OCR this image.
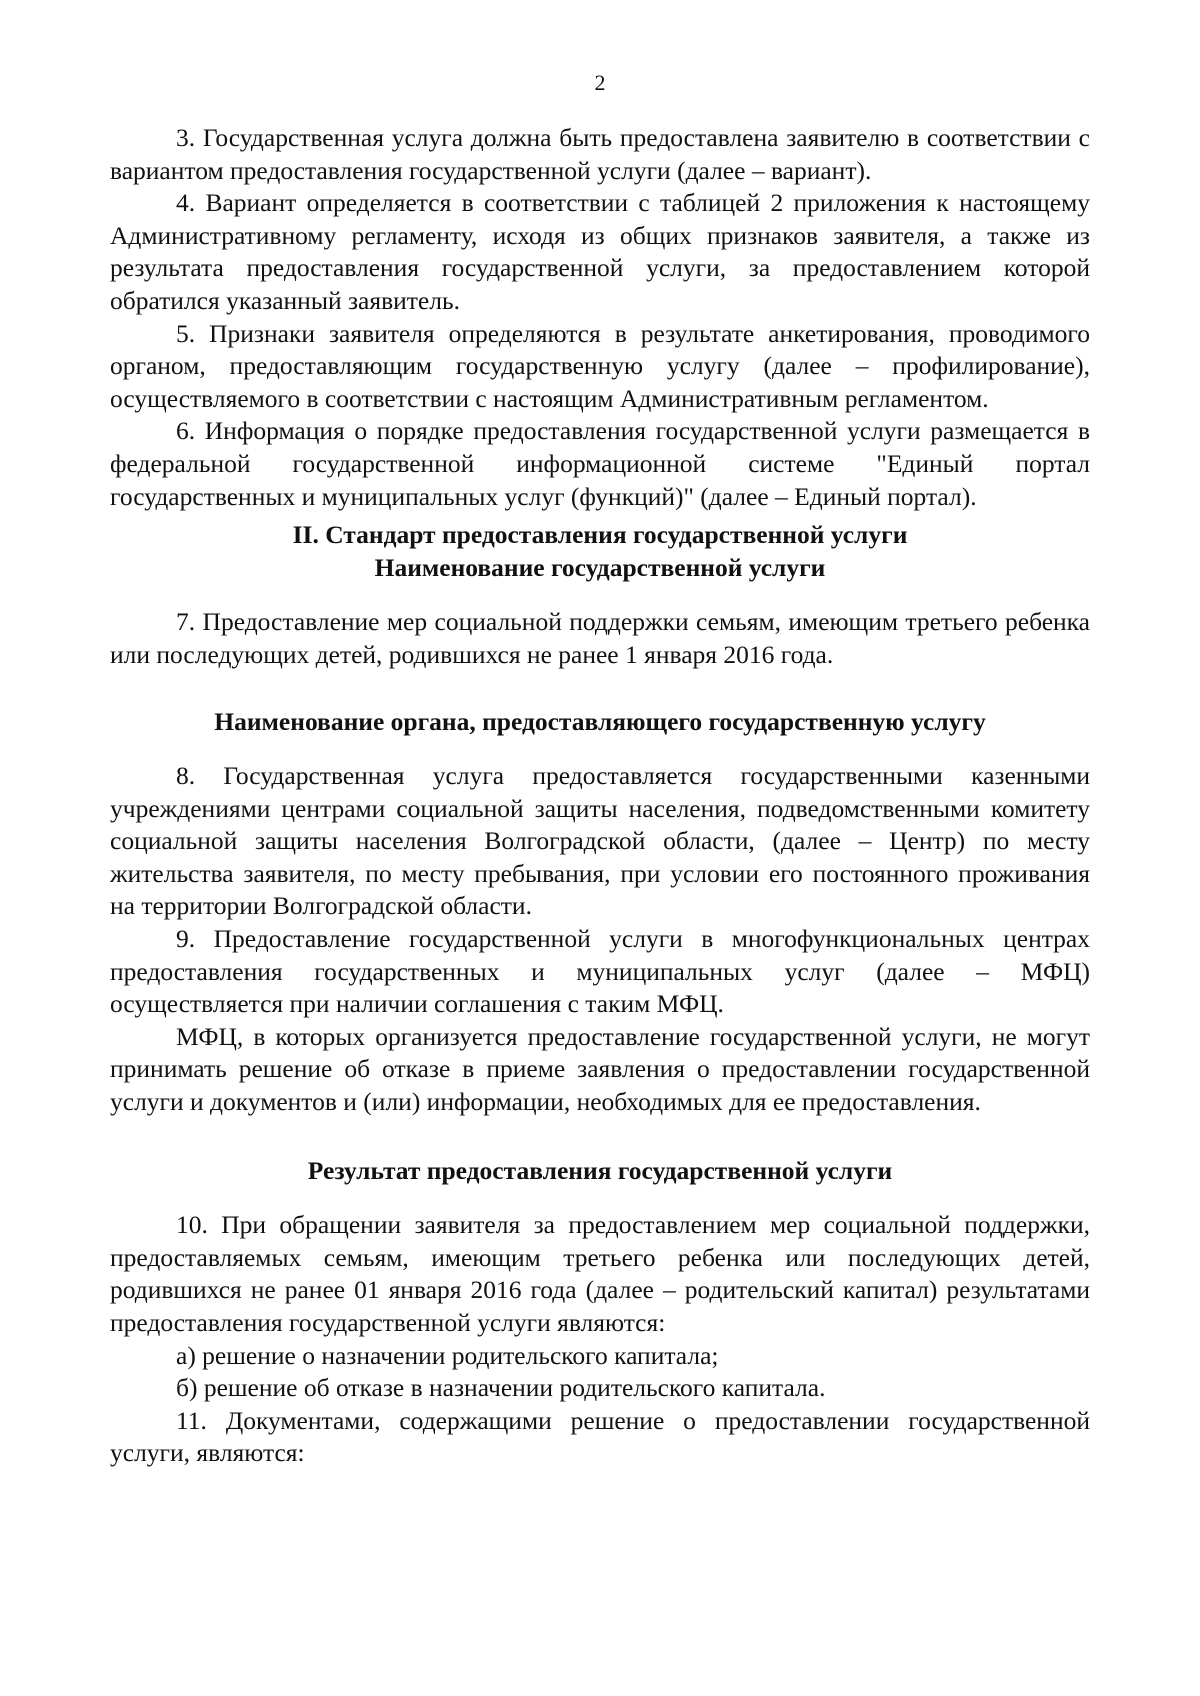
2

3. Государственная услуга должна быть предоставлена заявителю в соответствии с вариантом предоставления государственной услуги (далее – вариант).

4. Вариант определяется в соответствии с таблицей 2 приложения к настоящему Административному регламенту, исходя из общих признаков заявителя, а также из результата предоставления государственной услуги, за предоставлением которой обратился указанный заявитель.

5. Признаки заявителя определяются в результате анкетирования, проводимого органом, предоставляющим государственную услугу (далее – профилирование), осуществляемого в соответствии с настоящим Административным регламентом.

6. Информация о порядке предоставления государственной услуги размещается в федеральной государственной информационной системе "Единый портал государственных и муниципальных услуг (функций)" (далее – Единый портал).

II. Стандарт предоставления государственной услуги
Наименование государственной услуги

7. Предоставление мер социальной поддержки семьям, имеющим третьего ребенка или последующих детей, родившихся не ранее 1 января 2016 года.

Наименование органа, предоставляющего государственную услугу

8. Государственная услуга предоставляется государственными казенными учреждениями центрами социальной защиты населения, подведомственными комитету социальной защиты населения Волгоградской области, (далее – Центр) по месту жительства заявителя, по месту пребывания, при условии его постоянного проживания на территории Волгоградской области.

9. Предоставление государственной услуги в многофункциональных центрах предоставления государственных и муниципальных услуг (далее – МФЦ) осуществляется при наличии соглашения с таким МФЦ.

МФЦ, в которых организуется предоставление государственной услуги, не могут принимать решение об отказе в приеме заявления о предоставлении государственной услуги и документов и (или) информации, необходимых для ее предоставления.

Результат предоставления государственной услуги

10. При обращении заявителя за предоставлением мер социальной поддержки, предоставляемых семьям, имеющим третьего ребенка или последующих детей, родившихся не ранее 01 января 2016 года (далее – родительский капитал) результатами предоставления государственной услуги являются:

а) решение о назначении родительского капитала;

б) решение об отказе в назначении родительского капитала.

11. Документами, содержащими решение о предоставлении государственной услуги, являются:
